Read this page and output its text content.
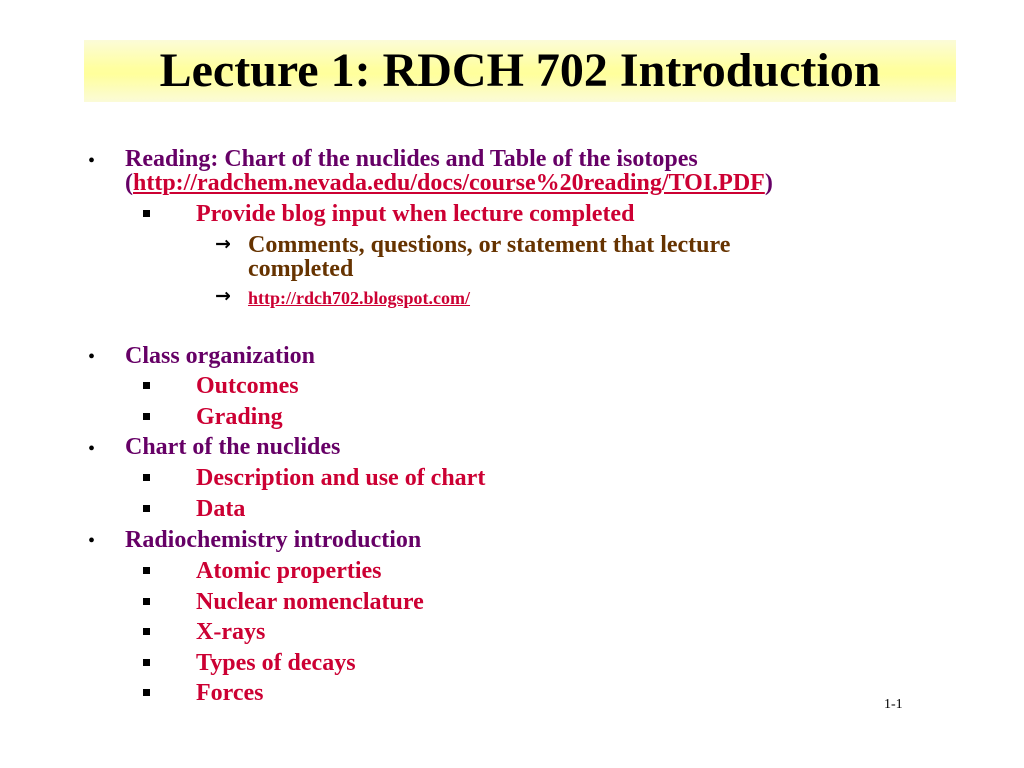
Lecture 1: RDCH 702 Introduction
• Reading: Chart of the nuclides and Table of the isotopes
(http://radchem.nevada.edu/docs/course%20reading/TOI.PDF)
Provide blog input when lecture completed
→ Comments, questions, or statement that lecture
completed
→ http://rdch702.blogspot.com/
• Class organization
Outcomes
Grading
• Chart of the nuclides
Description and use of chart
Data
• Radiochemistry introduction
Atomic properties
Nuclear nomenclature
X-rays
Types of decays
Forces	1-1
